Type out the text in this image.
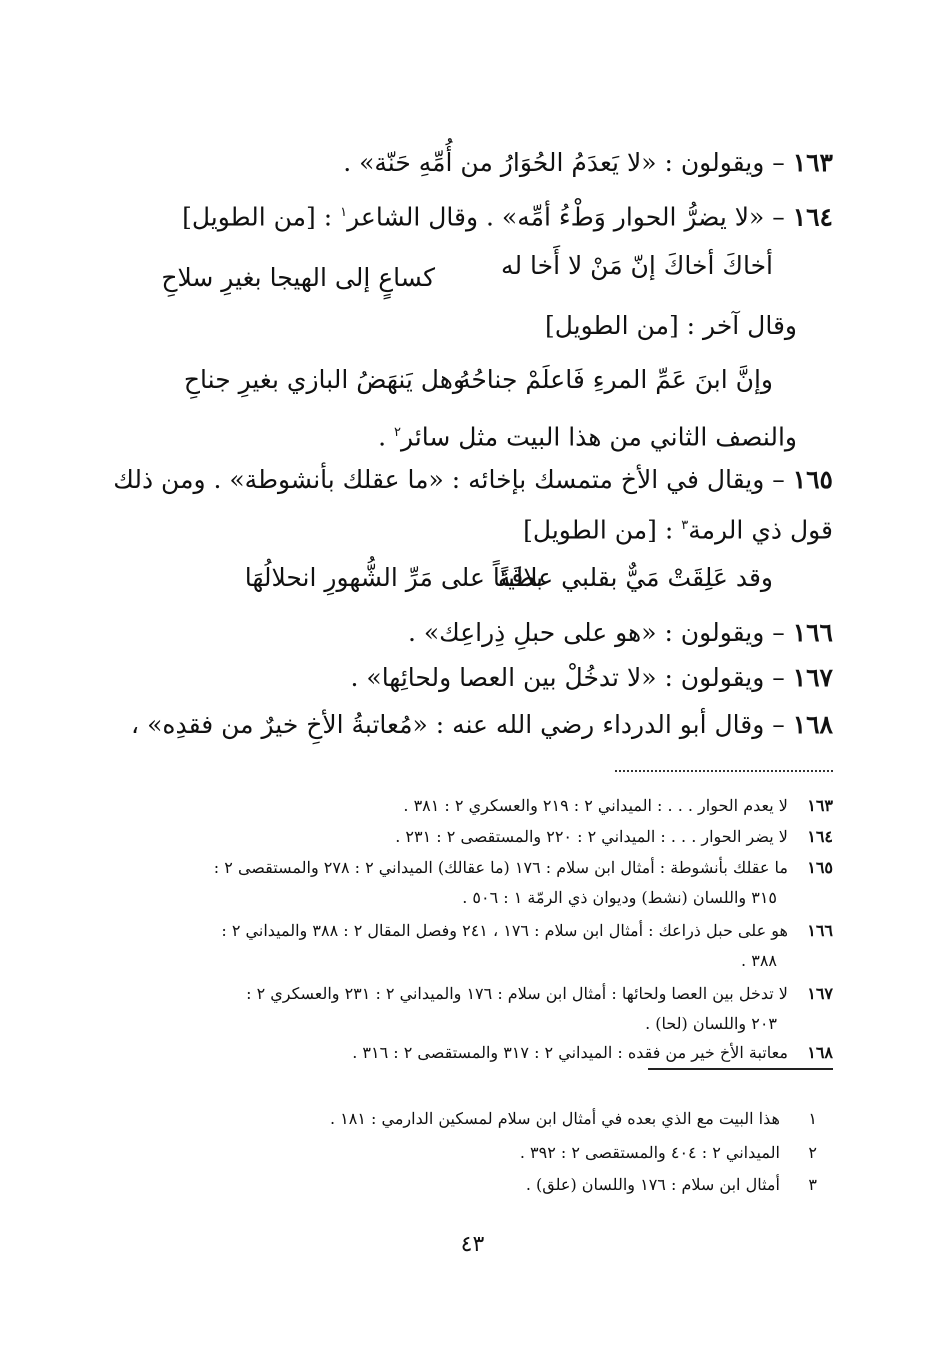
١٦٣ – ويقولون : «لا يَعدَمُ الحُوَارُ من أُمِّهِ حَنّة» .
١٦٤ – «لا يضرُّ الحوار وَطْءُ أمِّه» . وقال الشاعر$^١$ : [من الطويل]
أخاكَ أخاكَ إنّ مَنْ لا أَخا له
كساعٍ إلى الهيجا بغيرِ سلاحِ
وقال آخر : [من الطويل]
وإنَّ ابنَ عَمِّ المرءِ فَاعلَمْ جناحُهُ
وهل يَنهَضُ البازي بغيرِ جناحِ
والنصف الثاني من هذا البيت مثل سائر$^٢$ .
١٦٥ – ويقال في الأخ متمسك بإخائه : «ما عقلك بأنشوطة» . ومن ذلك
قول ذي الرمة$^٣$ : [من الطويل]
وقد عَلِقَتْ مَيٌّ بقلبي علاقَةً
بطيئاً على مَرِّ الشُّهورِ انحلالُهَا
١٦٦ – ويقولون : «هو على حبلِ ذِراعِك» .
١٦٧ – ويقولون : «لا تدخُلْ بين العصا ولحائِها» .
١٦٨ – وقال أبو الدرداء رضي الله عنه : «مُعاتبةُ الأخِ خيرٌ من فقدِه» ،
١٦٣ لا يعدم الحوار . . . : الميداني ٢ : ٢١٩ والعسكري ٢ : ٣٨١ .
١٦٤ لا يضر الحوار . . . : الميداني ٢ : ٢٢٠ والمستقصى ٢ : ٢٣١ .
١٦٥ ما عقلك بأنشوطة : أمثال ابن سلام : ١٧٦ (ما عقالك) الميداني ٢ : ٢٧٨ والمستقصى ٢ :
٣١٥ واللسان (نشط) وديوان ذي الرمّة ١ : ٥٠٦ .
١٦٦ هو على حبل ذراعك : أمثال ابن سلام : ١٧٦ ، ٢٤١ وفصل المقال ٢ : ٣٨٨ والميداني ٢ :
٣٨٨ .
١٦٧ لا تدخل بين العصا ولحائها : أمثال ابن سلام : ١٧٦ والميداني ٢ : ٢٣١ والعسكري ٢ :
٢٠٣ واللسان (لحا) .
١٦٨ معاتبة الأخ خير من فقده : الميداني ٢ : ٣١٧ والمستقصى ٢ : ٣١٦ .
١ هذا البيت مع الذي بعده في أمثال ابن سلام لمسكين الدارمي : ١٨١ .
٢ الميداني ٢ : ٤٠٤ والمستقصى ٢ : ٣٩٢ .
٣ أمثال ابن سلام : ١٧٦ واللسان (علق) .
٤٣
